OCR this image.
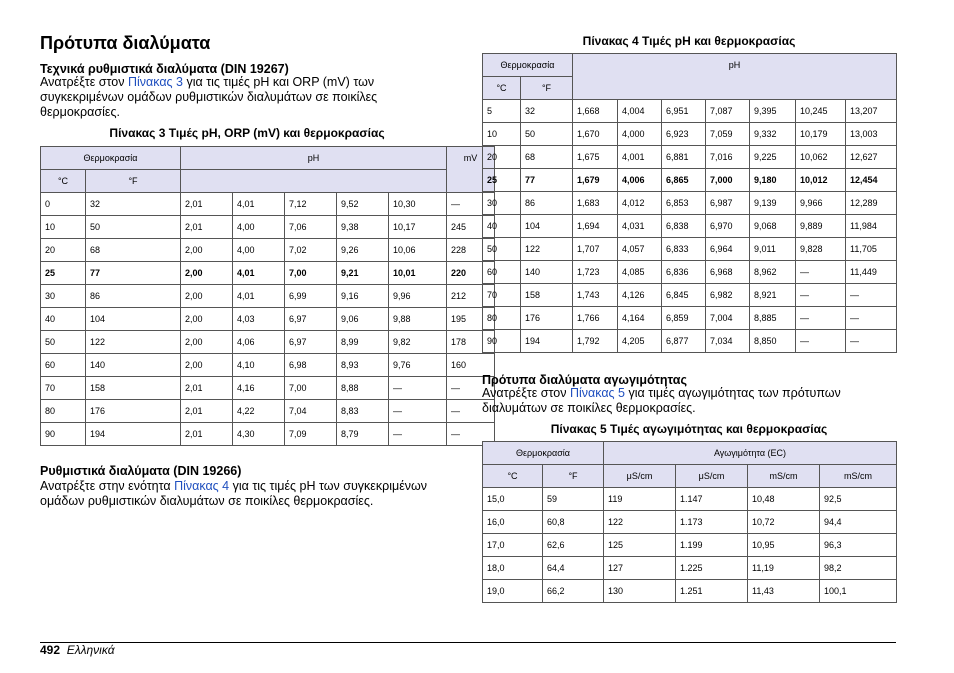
Πρότυπα διαλύματα
Τεχνικά ρυθμιστικά διαλύματα (DIN 19267)

Ανατρέξτε στον Πίνακας 3 για τις τιμές pH και ORP (mV) των συγκεκριμένων ομάδων ρυθμιστικών διαλυμάτων σε ποικίλες θερμοκρασίες.

Πίνακας 3 Τιμές pH, ORP (mV) και θερμοκρασίας
Θερμοκρασία		pH					mV
°C	°F						
0	32	2,01	4,01	7,12	9,52	10,30	—
10	50	2,01	4,00	7,06	9,38	10,17	245
20	68	2,00	4,00	7,02	9,26	10,06	228
25	77	2,00	4,01	7,00	9,21	10,01	220
30	86	2,00	4,01	6,99	9,16	9,96	212
40	104	2,00	4,03	6,97	9,06	9,88	195
50	122	2,00	4,06	6,97	8,99	9,82	178
60	140	2,00	4,10	6,98	8,93	9,76	160
70	158	2,01	4,16	7,00	8,88	—	—
80	176	2,01	4,22	7,04	8,83	—	—
90	194	2,01	4,30	7,09	8,79	—	—
Ρυθμιστικά διαλύματα (DIN 19266)

Ανατρέξτε στην ενότητα Πίνακας 4 για τις τιμές pH των συγκεκριμένων ομάδων ρυθμιστικών διαλυμάτων σε ποικίλες θερμοκρασίες.

Πίνακας 4 Τιμές pH και θερμοκρασίας
Θερμοκρασία		pH						
°C	°F							
5	32	1,668	4,004	6,951	7,087	9,395	10,245	13,207
10	50	1,670	4,000	6,923	7,059	9,332	10,179	13,003
20	68	1,675	4,001	6,881	7,016	9,225	10,062	12,627
25	77	1,679	4,006	6,865	7,000	9,180	10,012	12,454
30	86	1,683	4,012	6,853	6,987	9,139	9,966	12,289
40	104	1,694	4,031	6,838	6,970	9,068	9,889	11,984
50	122	1,707	4,057	6,833	6,964	9,011	9,828	11,705
60	140	1,723	4,085	6,836	6,968	8,962	—	11,449
70	158	1,743	4,126	6,845	6,982	8,921	—	—
80	176	1,766	4,164	6,859	7,004	8,885	—	—
90	194	1,792	4,205	6,877	7,034	8,850	—	—
Πρότυπα διαλύματα αγωγιμότητας

Ανατρέξτε στον Πίνακας 5 για τιμές αγωγιμότητας των πρότυπων διαλυμάτων σε ποικίλες θερμοκρασίες.

Πίνακας 5 Τιμές αγωγιμότητας και θερμοκρασίας
Θερμοκρασία		Αγωγιμότητα (EC)			
°C	°F	μS/cm	μS/cm	mS/cm	mS/cm
15,0	59	119	1.147	10,48	92,5
16,0	60,8	122	1.173	10,72	94,4
17,0	62,6	125	1.199	10,95	96,3
18,0	64,4	127	1.225	11,19	98,2
19,0	66,2	130	1.251	11,43	100,1
492 Ελληνικά
